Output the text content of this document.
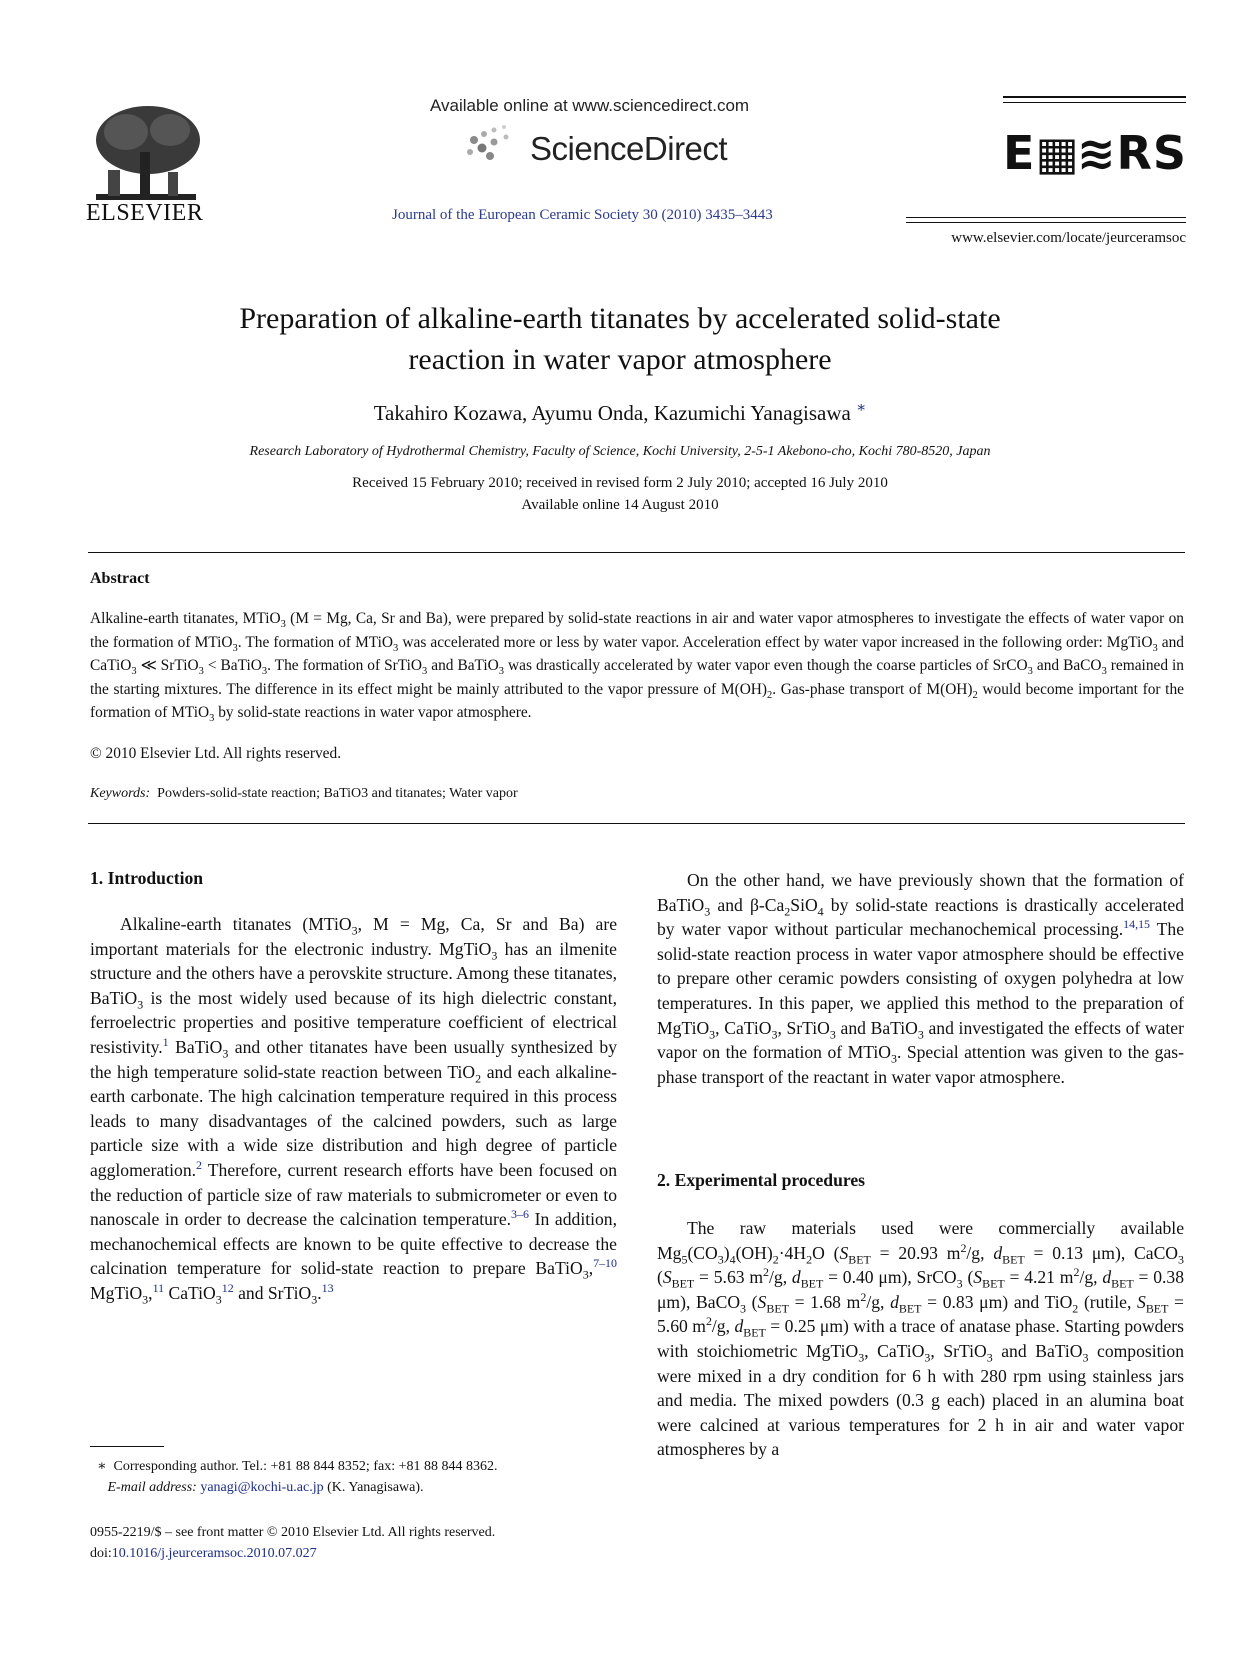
ELSEVIER
Available online at www.sciencedirect.com
ScienceDirect
Journal of the European Ceramic Society 30 (2010) 3435–3443
E▦≋RS
www.elsevier.com/locate/jeurceramsoc
Preparation of alkaline-earth titanates by accelerated solid-state
reaction in water vapor atmosphere
Takahiro Kozawa, Ayumu Onda, Kazumichi Yanagisawa ∗
Research Laboratory of Hydrothermal Chemistry, Faculty of Science, Kochi University, 2-5-1 Akebono-cho, Kochi 780-8520, Japan
Received 15 February 2010; received in revised form 2 July 2010; accepted 16 July 2010
Available online 14 August 2010
Abstract
Alkaline-earth titanates, MTiO$_3$ (M = Mg, Ca, Sr and Ba), were prepared by solid-state reactions in air and water vapor atmospheres to investigate the effects of water vapor on the formation of MTiO$_3$. The formation of MTiO$_3$ was accelerated more or less by water vapor. Acceleration effect by water vapor increased in the following order: MgTiO$_3$ and CaTiO$_3$ ≪ SrTiO$_3$ < BaTiO$_3$. The formation of SrTiO$_3$ and BaTiO$_3$ was drastically accelerated by water vapor even though the coarse particles of SrCO$_3$ and BaCO$_3$ remained in the starting mixtures. The difference in its effect might be mainly attributed to the vapor pressure of $M(OH)_2$. Gas-phase transport of $M(OH)_2$ would become important for the formation of MTiO$_3$ by solid-state reactions in water vapor atmosphere.
© 2010 Elsevier Ltd. All rights reserved.
Keywords: Powders-solid-state reaction; BaTiO3 and titanates; Water vapor
1. Introduction

Alkaline-earth titanates (MTiO$_3$, M = Mg, Ca, Sr and Ba) are important materials for the electronic industry. MgTiO$_3$ has an ilmenite structure and the others have a perovskite structure. Among these titanates, BaTiO$_3$ is the most widely used because of its high dielectric constant, ferroelectric properties and positive temperature coefficient of electrical resistivity.$^1$ BaTiO$_3$ and other titanates have been usually synthesized by the high temperature solid-state reaction between TiO$_2$ and each alkaline-earth carbonate. The high calcination temperature required in this process leads to many disadvantages of the calcined powders, such as large particle size with a wide size distribution and high degree of particle agglomeration.$^2$ Therefore, current research efforts have been focused on the reduction of particle size of raw materials to submicrometer or even to nanoscale in order to decrease the calcination temperature.$^{3-6}$ In addition, mechanochemical effects are known to be quite effective to decrease the calcination temperature for solid-state reaction to prepare BaTiO$_3$,$^{7-10}$ MgTiO$_3$,$^{11}$ CaTiO$_3^{12}$ and SrTiO$_3$.$^{13}$

On the other hand, we have previously shown that the formation of BaTiO$_3$ and $\beta-Ca_2SiO_4$ by solid-state reactions is drastically accelerated by water vapor without particular mechanochemical processing.$^{14,15}$ The solid-state reaction process in water vapor atmosphere should be effective to prepare other ceramic powders consisting of oxygen polyhedra at low temperatures. In this paper, we applied this method to the preparation of MgTiO$_3$, CaTiO$_3$, SrTiO$_3$ and BaTiO$_3$ and investigated the effects of water vapor on the formation of MTiO$_3$. Special attention was given to the gas-phase transport of the reactant in water vapor atmosphere.

2. Experimental procedures

The raw materials used were commercially available $Mg_5(CO_3)_4(OH)_2\cdot 4H_2O$ ($S_{BET} = 20.93$ $m^2/g$, $d_{BET} = 0.13$ μm), CaCO$_3$ ($S_{BET} = 5.63$ $m^2/g$, $d_{BET} = 0.40$ μm), SrCO$_3$ ($S_{BET} = 4.21$ $m^2/g$, $d_{BET} = 0.38$ μm), BaCO$_3$ ($S_{BET} = 1.68$ $m^2/g$, $d_{BET} = 0.83$ μm) and TiO$_2$ (rutile, $S_{BET} = 5.60$ $m^2/g$, $d_{BET} = 0.25$ μm) with a trace of anatase phase. Starting powders with stoichiometric MgTiO$_3$, CaTiO$_3$, SrTiO$_3$ and BaTiO$_3$ composition were mixed in a dry condition for 6 h with 280 rpm using stainless jars and media. The mixed powders (0.3 g each) placed in an alumina boat were calcined at various temperatures for 2 h in air and water vapor atmospheres by a

∗ Corresponding author. Tel.: +81 88 844 8352; fax: +81 88 844 8362.
E-mail address: yanagi@kochi-u.ac.jp (K. Yanagisawa).
0955-2219/$ – see front matter © 2010 Elsevier Ltd. All rights reserved.
doi:10.1016/j.jeurceramsoc.2010.07.027
